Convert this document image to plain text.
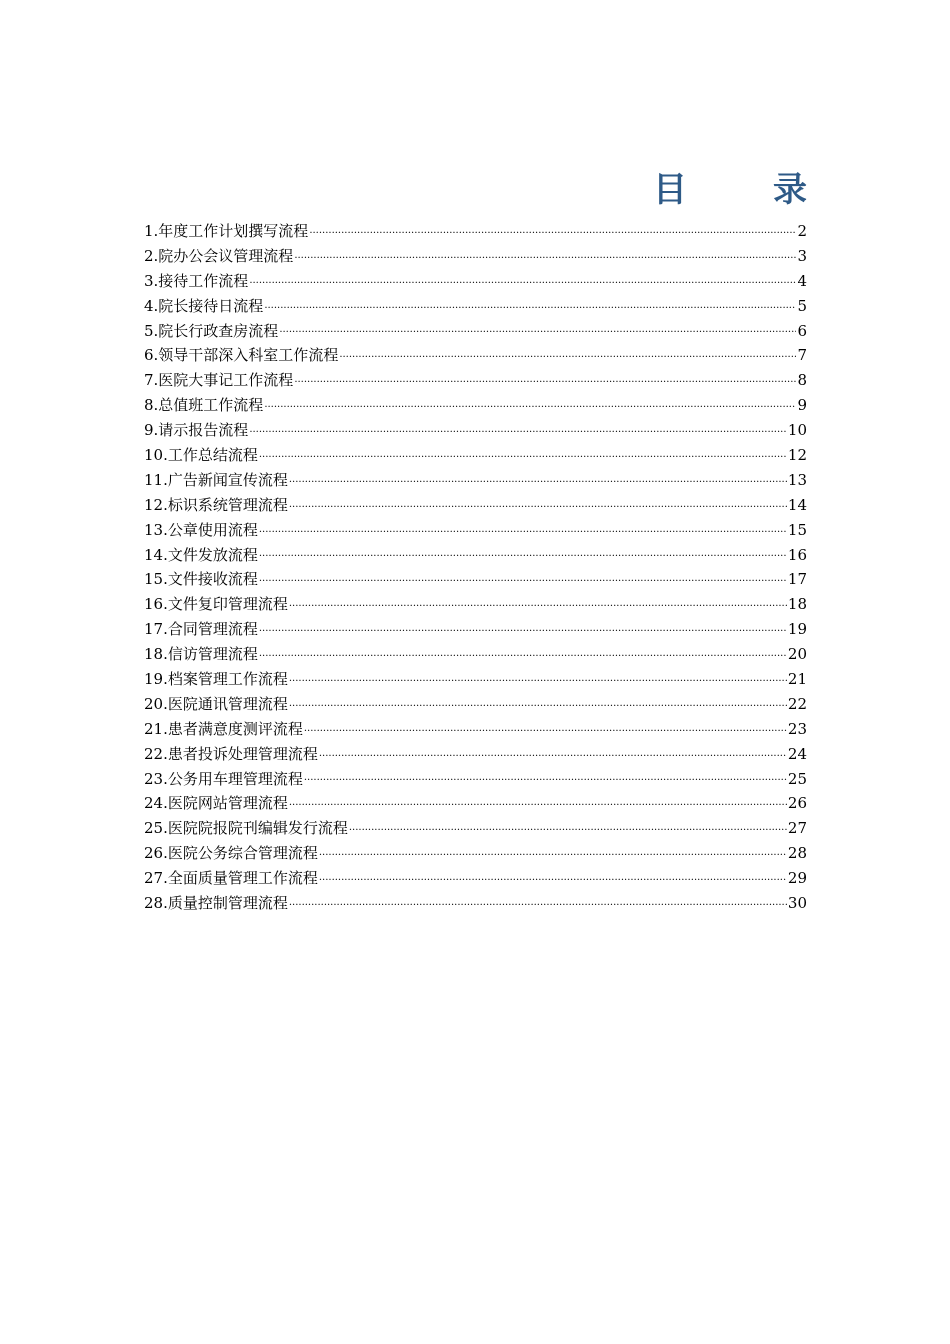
目　录
1.年度工作计划撰写流程 .....	2
2.院办公会议管理流程 .....	3
3.接待工作流程 .....	4
4.院长接待日流程 .....	5
5.院长行政查房流程 .....	6
6.领导干部深入科室工作流程 .....	7
7.医院大事记工作流程 .....	8
8.总值班工作流程 .....	9
9.请示报告流程 .....	10
10.工作总结流程 .....	12
11.广告新闻宣传流程 .....	13
12.标识系统管理流程 .....	14
13.公章使用流程 .....	15
14.文件发放流程 .....	16
15.文件接收流程 .....	17
16.文件复印管理流程 .....	18
17.合同管理流程 .....	19
18.信访管理流程 .....	20
19.档案管理工作流程 .....	21
20.医院通讯管理流程 .....	22
21.患者满意度测评流程 .....	23
22.患者投诉处理管理流程 .....	24
23.公务用车理管理流程 .....	25
24.医院网站管理流程 .....	26
25.医院院报院刊编辑发行流程 .....	27
26.医院公务综合管理流程 .....	28
27.全面质量管理工作流程 .....	29
28.质量控制管理流程 .....	30
